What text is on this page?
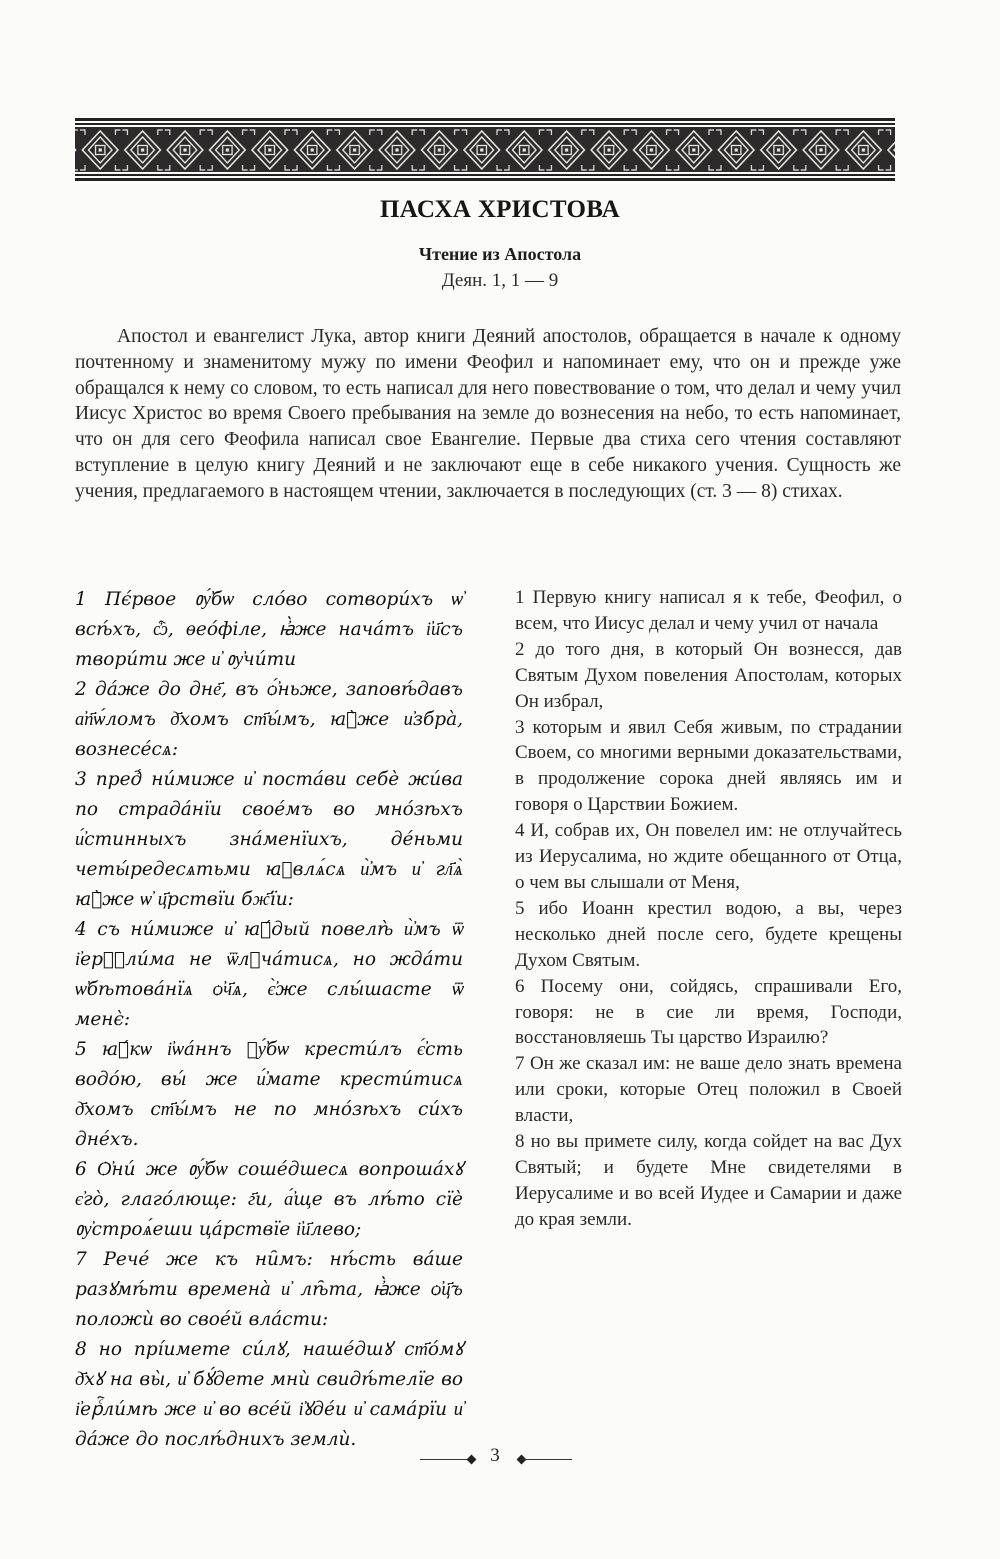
ПАСХА ХРИСТОВА
Чтение из Апостола
Деян. 1, 1 — 9

Апостол и евангелист Лука, автор книги Деяний апостолов, обращается в начале к одному почтенному и знаменитому мужу по имени Феофил и напоминает ему, что он и прежде уже обращался к нему со словом, то есть написал для него повествование о том, что делал и чему учил Иисус Христос во время Своего пребывания на земле до вознесения на небо, то есть напоминает, что он для сего Феофила написал свое Евангелие. Первые два стиха сего чтения составляют вступление в целую книгу Деяний и не заключают еще в себе никакого учения. Сущность же учения, предлагаемого в настоящем чтении, заключается в последующих (ст. 3 — 8) стихах.

1 Пє́рвое ᲂу҆́бѡ сло́во сотвори́хъ ѡ҆ всѣ́хъ, ѽ, ѳео́філе, ꙗ҆̀же нача́тъ і҆и҃съ твори́ти же и҆ ᲂу҆чи́ти

2 да́же до дне҃, въ ѻ҆́ньже, заповѣ́давъ а҆п҃ѡ́ломъ д҃хомъ ст҃ы́мъ, ꙗ҆̀же и҆збра̀, вознесе́сѧ:

3 пред̾ ни́миже и҆ поста́ви себѐ жи́ва по страда́нїи свое́мъ во мно́зѣхъ и҆́стинныхъ зна́менїихъ, де́ньми четы́редесѧтьми ꙗ҆влѧ́сѧ и҆̀мъ и҆ гл҃ѧ̀ ꙗ҆̀же ѡ҆ ц҃рствїи бж҃їи:

4 съ ни́миже и҆ ꙗ҆́дый повелѣ̀ и҆̀мъ ѿ і҆ерⷭ҇ли́ма не ѿлꙋча́тисѧ, но жда́ти ѡ҆бѣтова́нїѧ ѻ҆ч҃ѧ, є҆̀же слы́шасте ѿ менє̀:

5 ꙗ҆́кѡ і҆ѡа́ннъ ᲂу҆́бѡ крести́лъ є҆́сть водо́ю, вы́ же и҆́мате крести́тисѧ д҃хомъ ст҃ы́мъ не по мно́зѣхъ си́хъ дне́хъ.

6 Ѻ҆ни́ же ᲂу҆́бѡ соше́дшесѧ вопроша́хꙋ є҆го̀, глаго́люще: г҃и, а҆́ще въ лѣ́то сїѐ ᲂу҆строѧ́еши ца́рствїе і҆и҃лево;

7 Рече́ же къ ни̑мъ: нѣ́сть ва́ше разꙋмѣ́ти времена̀ и҆ лѣ̑та, ꙗ҆̀же ѻ҆ц҃ъ положѝ во свое́й вла́сти:

8 но прі́имете си́лꙋ, наше́дшꙋ ст҃о́мꙋ д҃хꙋ на вы̀, и҆ бꙋ́дете мнѝ свидѣ́телїе во і҆ерⷭ҇ли́мѣ же и҆ во все́й і҆ꙋде́и и҆ сама́рїи и҆ да́же до послѣ́днихъ землѝ.

1 Первую книгу написал я к тебе, Феофил, о всем, что Иисус делал и чему учил от начала

2 до того дня, в который Он вознесся, дав Святым Духом повеления Апостолам, которых Он избрал,

3 которым и явил Себя живым, по страдании Своем, со многими верными доказательствами, в продолжение сорока дней являясь им и говоря о Царствии Божием.

4 И, собрав их, Он повелел им: не отлучайтесь из Иерусалима, но ждите обещанного от Отца, о чем вы слышали от Меня,

5 ибо Иоанн крестил водою, а вы, через несколько дней после сего, будете крещены Духом Святым.

6 Посему они, сойдясь, спрашивали Его, говоря: не в сие ли время, Господи, восстановляешь Ты царство Израилю?

7 Он же сказал им: не ваше дело знать времена или сроки, которые Отец положил в Своей власти,

8 но вы примете силу, когда сойдет на вас Дух Святый; и будете Мне свидетелями в Иерусалиме и во всей Иудее и Самарии и даже до края земли.

3
